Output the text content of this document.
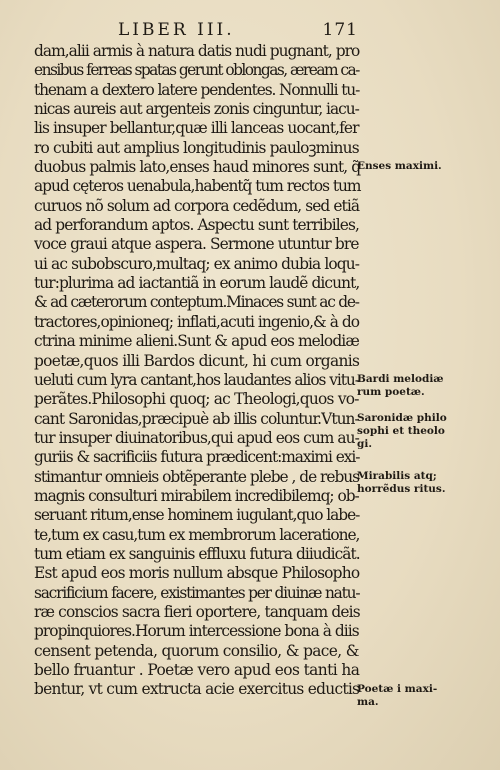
LIBER III.	171
dam,alii armis à natura datis nudi pugnant, pro
ensibus ferreas spatas gerunt oblongas, æream ca-
thenam a dextero latere pendentes. Nonnulli tu-
nicas aureis aut argenteis zonis cinguntur, iacu-
lis insuper bellantur,quæ illi lanceas uocant,fer
ro cubiti aut amplius longitudinis pauloꝫminus
duobus palmis lato,enses haud minores sunt, q̃
apud cęteros uenabula,habentq̃ tum rectos tum
curuos nõ solum ad corpora cedẽdum, sed etiã
ad perforandum aptos. Aspectu sunt terribiles,
voce graui atque aspera. Sermone utuntur bre
ui ac subobscuro,multaq; ex animo dubia loqu-
tur:plurima ad iactantiã in eorum laudẽ dicunt,
& ad cæterorum conteptum.Minaces sunt ac de-
tractores,opinioneq; inflati,acuti ingenio,& à do
ctrina minime alieni.Sunt & apud eos melodiæ
poetæ,quos illi Bardos dicunt, hi cum organis
ueluti cum lyra cantant,hos laudantes alios vitu-
perãtes.Philosophi quoq; ac Theologi,quos vo-
cant Saronidas,præcipuè ab illis coluntur.Vtun-
tur insuper diuinatoribus,qui apud eos cum au-
guriis & sacrificiis futura prædicent:maximi exi-
stimantur omnieis obtẽperante plebe , de rebus
magnis consulturi mirabilem incredibilemq; ob-
seruant ritum,ense hominem iugulant,quo labe-
te,tum ex casu,tum ex membrorum laceratione,
tum etiam ex sanguinis effluxu futura diiudicãt.
Est apud eos moris nullum absque Philosopho
sacrificium facere, existimantes per diuinæ natu-
ræ conscios sacra fieri oportere, tanquam deis
propinquiores.Horum intercessione bona à diis
censent petenda, quorum consilio, & pace, &
bello fruantur . Poetæ vero apud eos tanti ha
bentur, vt cum extructa acie exercitus eductis
Enses maximi.
Bardi melodiæ
rum poetæ.
Saronidæ philo
sophi et theolo
gi.
Mirabilis atq;
horrẽdus ritus.
Poetæ i maxi-
ma.
